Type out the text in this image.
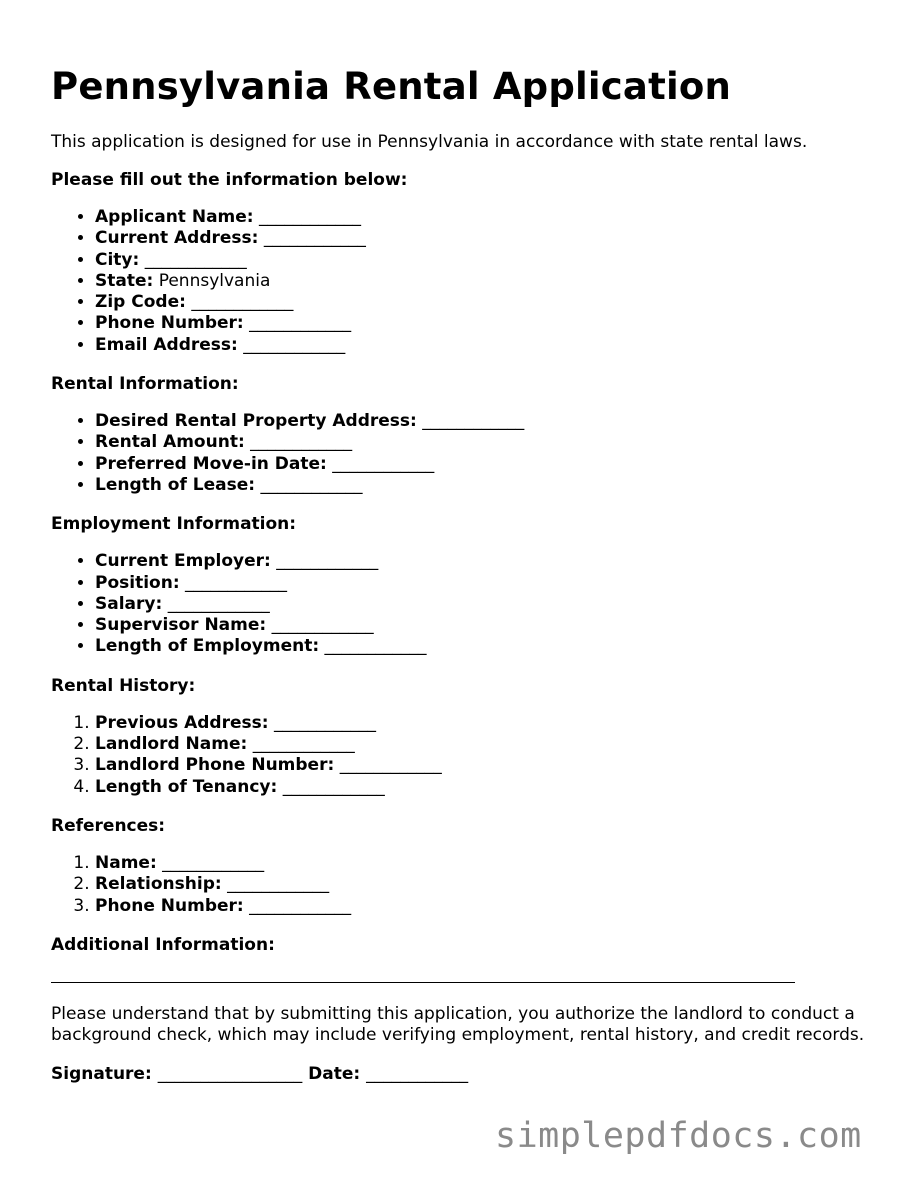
Pennsylvania Rental Application

This application is designed for use in Pennsylvania in accordance with state rental laws.

Please fill out the information below:
• Applicant Name: ____________
• Current Address: ____________
• City: ____________
• State: Pennsylvania
• Zip Code: ____________
• Phone Number: ____________
• Email Address: ____________
Rental Information:
• Desired Rental Property Address: ____________
• Rental Amount: ____________
• Preferred Move-in Date: ____________
• Length of Lease: ____________
Employment Information:
• Current Employer: ____________
• Position: ____________
• Salary: ____________
• Supervisor Name: ____________
• Length of Employment: ____________
Rental History:
1. Previous Address: ____________
2. Landlord Name: ____________
3. Landlord Phone Number: ____________
4. Length of Tenancy: ____________
References:
1. Name: ____________
2. Relationship: ____________
3. Phone Number: ____________
Additional Information:

Please understand that by submitting this application, you authorize the landlord to conduct a background check, which may include verifying employment, rental history, and credit records.

Signature: _________________ Date: ____________

simplepdfdocs.com
